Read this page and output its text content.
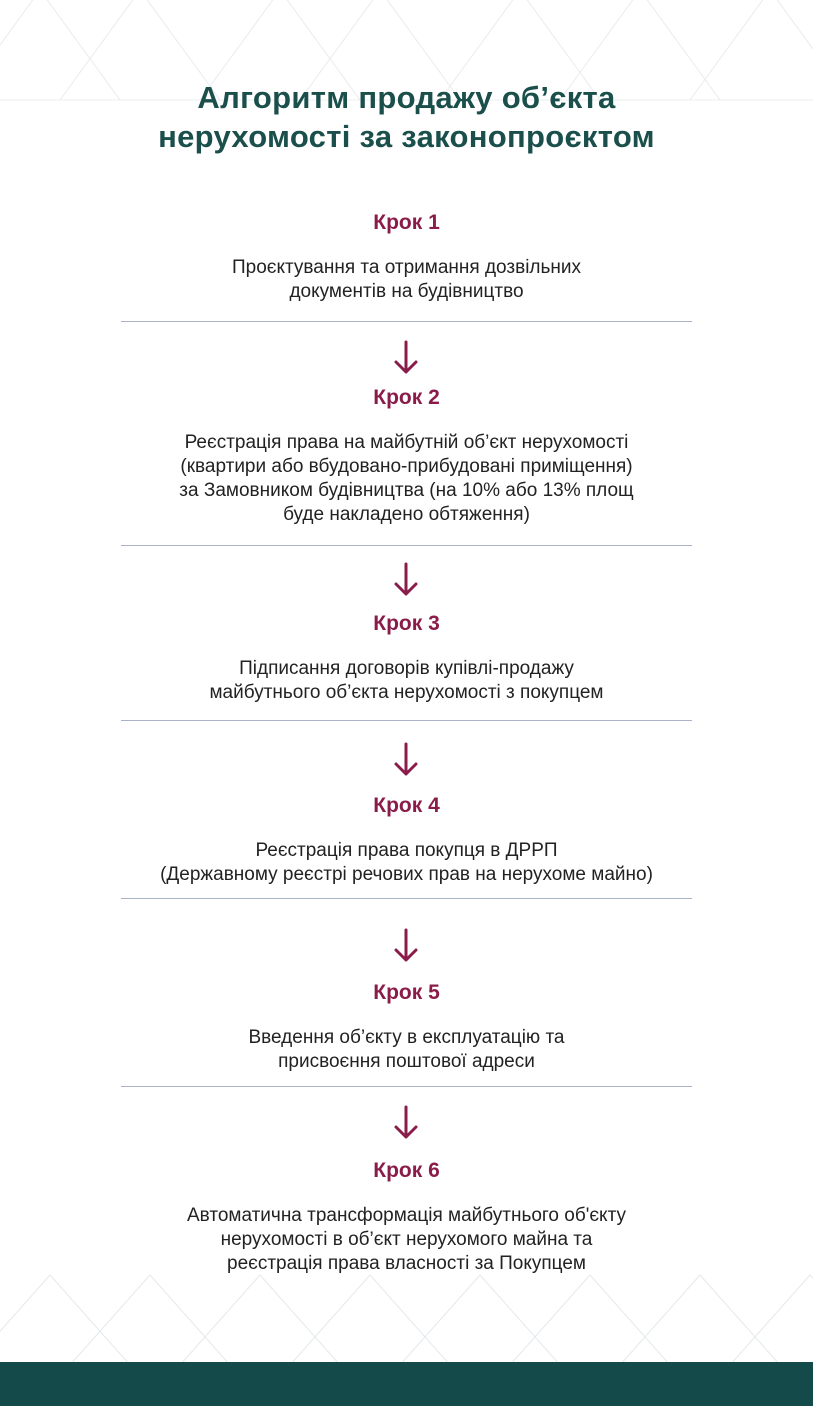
Алгоритм продажу об’єкта
нерухомості за законопроєктом
Крок 1
Проєктування та отримання дозвільних
документів на будівництво
Крок 2
Реєстрація права на майбутній об’єкт нерухомості
(квартири або вбудовано-прибудовані приміщення)
за Замовником будівництва (на 10% або 13% площ
буде накладено обтяження)
Крок 3
Підписання договорів купівлі-продажу
майбутнього об’єкта нерухомості з покупцем
Крок 4
Реєстрація права покупця в ДРРП
(Державному реєстрі речових прав на нерухоме майно)
Крок 5
Введення об’єкту в експлуатацію та
присвоєння поштової адреси
Крок 6
Автоматична трансформація майбутнього об'єкту
нерухомості в об’єкт нерухомого майна та
реєстрація права власності за Покупцем
